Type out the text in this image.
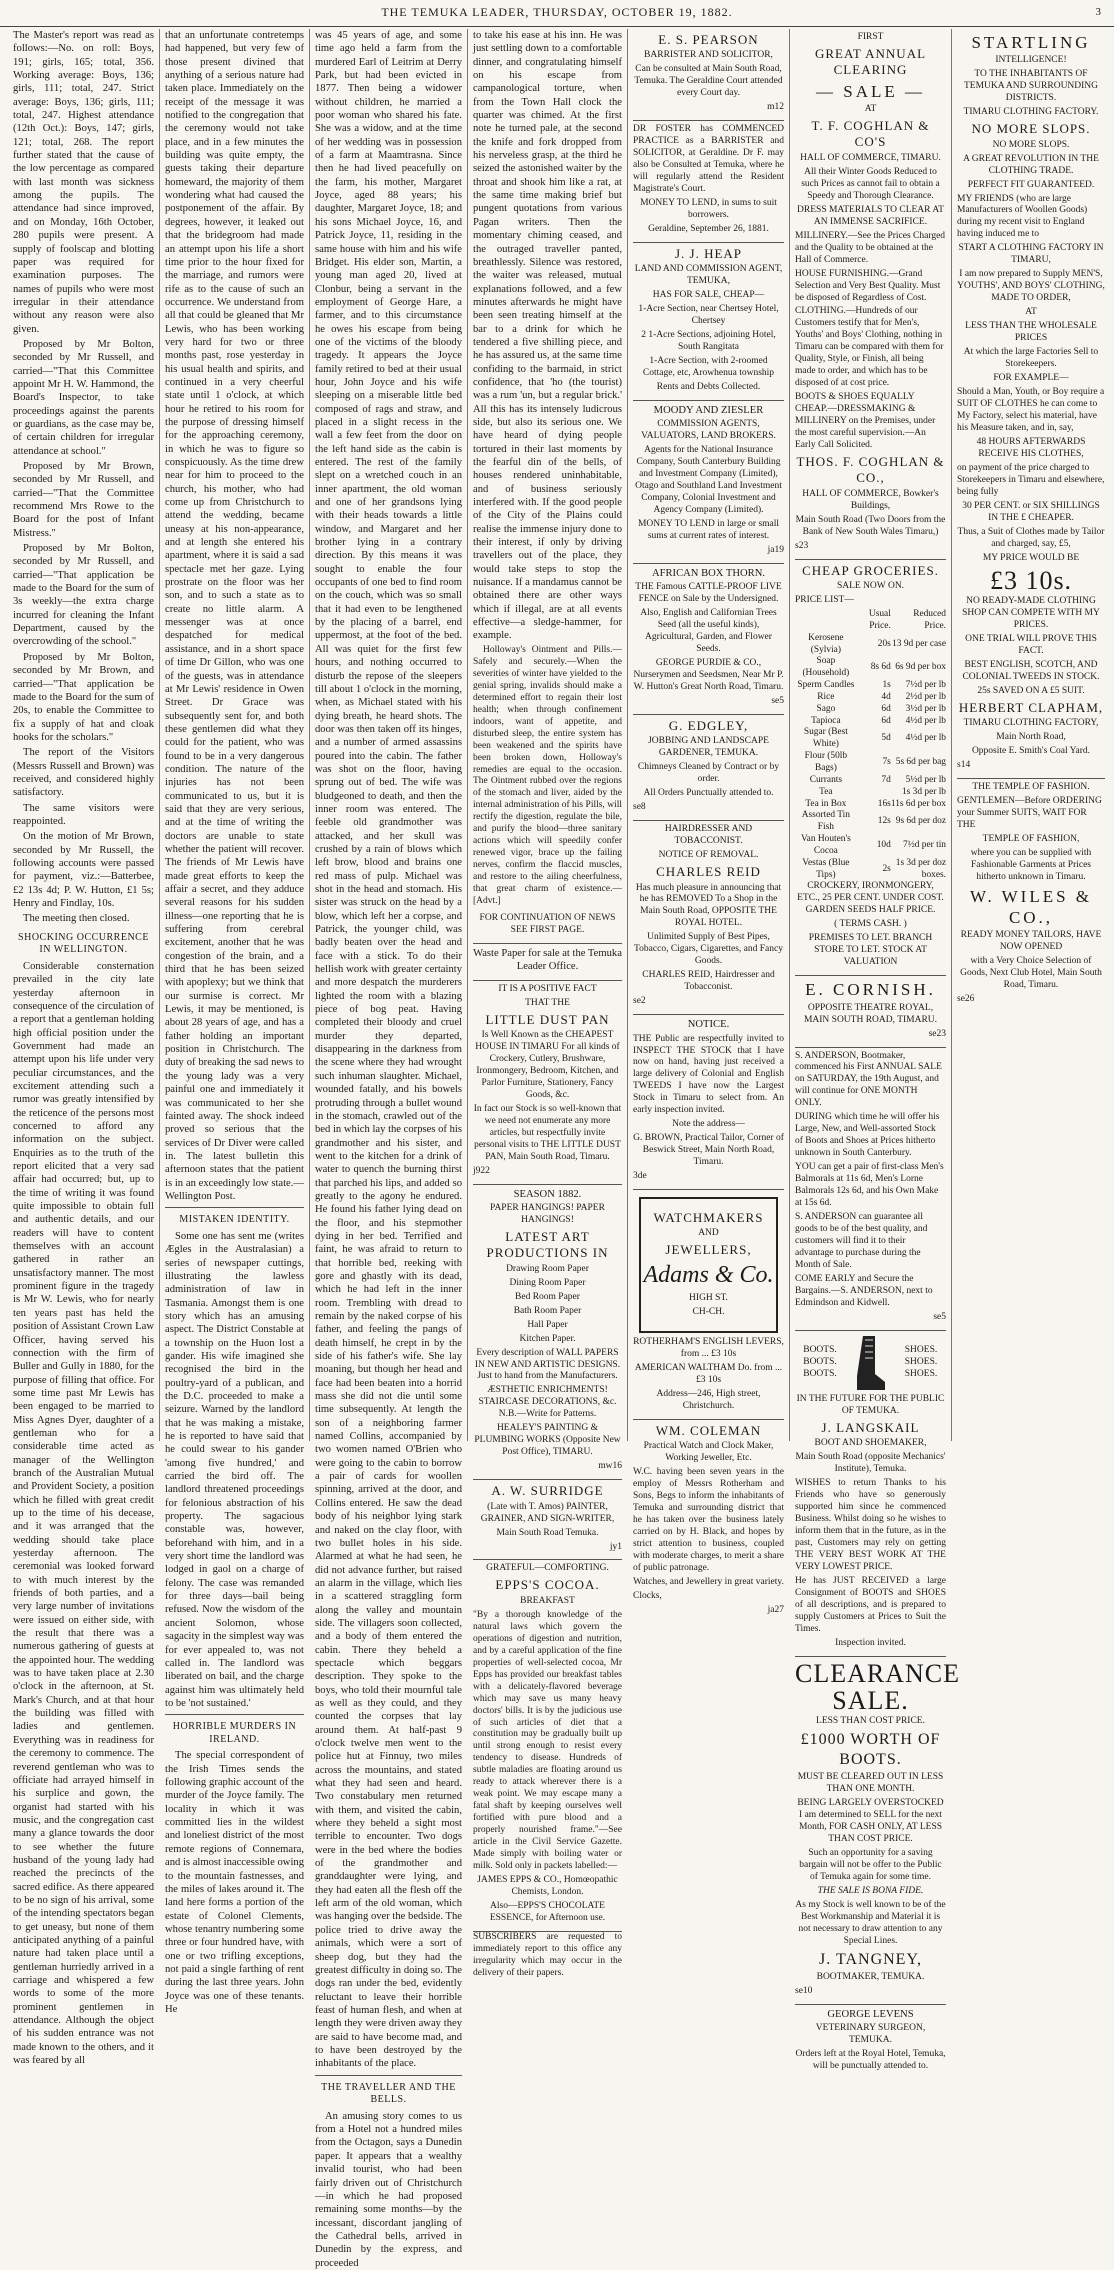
THE TEMUKA LEADER, THURSDAY, OCTOBER 19, 1882.	3

The Master's report was read as follows:—No. on roll: Boys, 191; girls, 165; total, 356. Working average: Boys, 136; girls, 111; total, 247. Strict average: Boys, 136; girls, 111; total, 247. Highest attendance (12th Oct.): Boys, 147; girls, 121; total, 268. The report further stated that the cause of the low percentage as compared with last month was sickness among the pupils. The attendance had since improved, and on Monday, 16th October, 280 pupils were present. A supply of foolscap and blotting paper was required for examination purposes. The names of pupils who were most irregular in their attendance without any reason were also given.

Proposed by Mr Bolton, seconded by Mr Russell, and carried—"That this Committee appoint Mr H. W. Hammond, the Board's Inspector, to take proceedings against the parents or guardians, as the case may be, of certain children for irregular attendance at school."

Proposed by Mr Brown, seconded by Mr Russell, and carried—"That the Committee recommend Mrs Rowe to the Board for the post of Infant Mistress."

Proposed by Mr Bolton, seconded by Mr Russell, and carried—"That application be made to the Board for the sum of 3s weekly—the extra charge incurred for cleaning the Infant Department, caused by the overcrowding of the school."

Proposed by Mr Bolton, seconded by Mr Brown, and carried—"That application be made to the Board for the sum of 20s, to enable the Committee to fix a supply of hat and cloak hooks for the scholars."

The report of the Visitors (Messrs Russell and Brown) was received, and considered highly satisfactory.

The same visitors were reappointed.

On the motion of Mr Brown, seconded by Mr Russell, the following accounts were passed for payment, viz.:—Batterbee, £2 13s 4d; P. W. Hutton, £1 5s; Henry and Findlay, 10s.

The meeting then closed.

SHOCKING OCCURRENCE IN WELLINGTON.

Considerable consternation prevailed in the city late yesterday afternoon in consequence of the circulation of a report that a gentleman holding high official position under the Government had made an attempt upon his life under very peculiar circumstances, and the excitement attending such a rumor was greatly intensified by the reticence of the persons most concerned to afford any information on the subject. Enquiries as to the truth of the report elicited that a very sad affair had occurred; but, up to the time of writing it was found quite impossible to obtain full and authentic details, and our readers will have to content themselves with an account gathered in rather an unsatisfactory manner. The most prominent figure in the tragedy is Mr W. Lewis, who for nearly ten years past has held the position of Assistant Crown Law Officer, having served his connection with the firm of Buller and Gully in 1880, for the purpose of filling that office. For some time past Mr Lewis has been engaged to be married to Miss Agnes Dyer, daughter of a gentleman who for a considerable time acted as manager of the Wellington branch of the Australian Mutual and Provident Society, a position which he filled with great credit up to the time of his decease, and it was arranged that the wedding should take place yesterday afternoon. The ceremonial was looked forward to with much interest by the friends of both parties, and a very large number of invitations were issued on either side, with the result that there was a numerous gathering of guests at the appointed hour. The wedding was to have taken place at 2.30 o'clock in the afternoon, at St. Mark's Church, and at that hour the building was filled with ladies and gentlemen. Everything was in readiness for the ceremony to commence. The reverend gentleman who was to officiate had arrayed himself in his surplice and gown, the organist had started with his music, and the congregation cast many a glance towards the door to see whether the future husband of the young lady had reached the precincts of the sacred edifice. As there appeared to be no sign of his arrival, some of the intending spectators began to get uneasy, but none of them anticipated anything of a painful nature had taken place until a gentleman hurriedly arrived in a carriage and whispered a few words to some of the more prominent gentlemen in attendance. Although the object of his sudden entrance was not made known to the others, and it was feared by all

that an unfortunate contretemps had happened, but very few of those present divined that anything of a serious nature had taken place. Immediately on the receipt of the message it was notified to the congregation that the ceremony would not take place, and in a few minutes the building was quite empty, the guests taking their departure homeward, the majority of them wondering what had caused the postponement of the affair. By degrees, however, it leaked out that the bridegroom had made an attempt upon his life a short time prior to the hour fixed for the marriage, and rumors were rife as to the cause of such an occurrence. We understand from all that could be gleaned that Mr Lewis, who has been working very hard for two or three months past, rose yesterday in his usual health and spirits, and continued in a very cheerful state until 1 o'clock, at which hour he retired to his room for the purpose of dressing himself for the approaching ceremony, in which he was to figure so conspicuously. As the time drew near for him to proceed to the church, his mother, who had come up from Christchurch to attend the wedding, became uneasy at his non-appearance, and at length she entered his apartment, where it is said a sad spectacle met her gaze. Lying prostrate on the floor was her son, and to such a state as to create no little alarm. A messenger was at once despatched for medical assistance, and in a short space of time Dr Gillon, who was one of the guests, was in attendance at Mr Lewis' residence in Owen Street. Dr Grace was subsequently sent for, and both these gentlemen did what they could for the patient, who was found to be in a very dangerous condition. The nature of the injuries has not been communicated to us, but it is said that they are very serious, and at the time of writing the doctors are unable to state whether the patient will recover. The friends of Mr Lewis have made great efforts to keep the affair a secret, and they adduce several reasons for his sudden illness—one reporting that he is suffering from cerebral excitement, another that he was congestion of the brain, and a third that he has been seized with apoplexy; but we think that our surmise is correct. Mr Lewis, it may be mentioned, is about 28 years of age, and has a father holding an important position in Christchurch. The duty of breaking the sad news to the young lady was a very painful one and immediately it was communicated to her she fainted away. The shock indeed proved so serious that the services of Dr Diver were called in. The latest bulletin this afternoon states that the patient is in an exceedingly low state.—Wellington Post.

MISTAKEN IDENTITY.

Some one has sent me (writes Ægles in the Australasian) a series of newspaper cuttings, illustrating the lawless administration of law in Tasmania. Amongst them is one story which has an amusing aspect. The District Constable at a township on the Huon lost a gander. His wife imagined she recognised the bird in the poultry-yard of a publican, and the D.C. proceeded to make a seizure. Warned by the landlord that he was making a mistake, he is reported to have said that he could swear to his gander 'among five hundred,' and carried the bird off. The landlord threatened proceedings for felonious abstraction of his property. The sagacious constable was, however, beforehand with him, and in a very short time the landlord was lodged in gaol on a charge of felony. The case was remanded for three days—bail being refused. Now the wisdom of the ancient Solomon, whose sagacity in the simplest way was for ever appealed to, was not called in. The landlord was liberated on bail, and the charge against him was ultimately held to be 'not sustained.'

HORRIBLE MURDERS IN IRELAND.

The special correspondent of the Irish Times sends the following graphic account of the murder of the Joyce family. The locality in which it was committed lies in the wildest and loneliest district of the most remote regions of Connemara, and is almost inaccessible owing to the mountain fastnesses, and the miles of lakes around it. The land here forms a portion of the estate of Colonel Clements, whose tenantry numbering some three or four hundred have, with one or two trifling exceptions, not paid a single farthing of rent during the last three years. John Joyce was one of these tenants. He

was 45 years of age, and some time ago held a farm from the murdered Earl of Leitrim at Derry Park, but had been evicted in 1877. Then being a widower without children, he married a poor woman who shared his fate. She was a widow, and at the time of her wedding was in possession of a farm at Maamtrasna. Since then he had lived peacefully on the farm, his mother, Margaret Joyce, aged 88 years; his daughter, Margaret Joyce, 18; and his sons Michael Joyce, 16, and Patrick Joyce, 11, residing in the same house with him and his wife Bridget. His elder son, Martin, a young man aged 20, lived at Clonbur, being a servant in the employment of George Hare, a farmer, and to this circumstance he owes his escape from being one of the victims of the bloody tragedy. It appears the Joyce family retired to bed at their usual hour, John Joyce and his wife sleeping on a miserable little bed composed of rags and straw, and placed in a slight recess in the wall a few feet from the door on the left hand side as the cabin is entered. The rest of the family slept on a wretched couch in an inner apartment, the old woman and one of her grandsons lying with their heads towards a little window, and Margaret and her brother lying in a contrary direction. By this means it was sought to enable the four occupants of one bed to find room on the couch, which was so small that it had even to be lengthened by the placing of a barrel, end uppermost, at the foot of the bed. All was quiet for the first few hours, and nothing occurred to disturb the repose of the sleepers till about 1 o'clock in the morning, when, as Michael stated with his dying breath, he heard shots. The door was then taken off its hinges, and a number of armed assassins poured into the cabin. The father was shot on the floor, having sprung out of bed. The wife was bludgeoned to death, and then the inner room was entered. The feeble old grandmother was attacked, and her skull was crushed by a rain of blows which left brow, blood and brains one red mass of pulp. Michael was shot in the head and stomach. His sister was struck on the head by a blow, which left her a corpse, and Patrick, the younger child, was badly beaten over the head and face with a stick. To do their hellish work with greater certainty and more despatch the murderers lighted the room with a blazing piece of bog peat. Having completed their bloody and cruel murder they departed, disappearing in the darkness from the scene where they had wrought such inhuman slaughter. Michael, wounded fatally, and his bowels protruding through a bullet wound in the stomach, crawled out of the bed in which lay the corpses of his grandmother and his sister, and went to the kitchen for a drink of water to quench the burning thirst that parched his lips, and added so greatly to the agony he endured. He found his father lying dead on the floor, and his stepmother dying in her bed. Terrified and faint, he was afraid to return to that horrible bed, reeking with gore and ghastly with its dead, which he had left in the inner room. Trembling with dread to remain by the naked corpse of his father, and feeling the pangs of death himself, he crept in by the side of his father's wife. She lay moaning, but though her head and face had been beaten into a horrid mass she did not die until some time subsequently. At length the son of a neighboring farmer named Collins, accompanied by two women named O'Brien who were going to the cabin to borrow a pair of cards for woollen spinning, arrived at the door, and Collins entered. He saw the dead body of his neighbor lying stark and naked on the clay floor, with two bullet holes in his side. Alarmed at what he had seen, he did not advance further, but raised an alarm in the village, which lies in a scattered straggling form along the valley and mountain side. The villagers soon collected, and a body of them entered the cabin. There they beheld a spectacle which beggars description. They spoke to the boys, who told their mournful tale as well as they could, and they counted the corpses that lay around them. At half-past 9 o'clock twelve men went to the police hut at Finnuy, two miles across the mountains, and stated what they had seen and heard. Two constabulary men returned with them, and visited the cabin, where they beheld a sight most terrible to encounter. Two dogs were in the bed where the bodies of the grandmother and granddaughter were lying, and they had eaten all the flesh off the left arm of the old woman, which was hanging over the bedside. The police tried to drive away the animals, which were a sort of sheep dog, but they had the greatest difficulty in doing so. The dogs ran under the bed, evidently reluctant to leave their horrible feast of human flesh, and when at length they were driven away they are said to have become mad, and to have been destroyed by the inhabitants of the place.

THE TRAVELLER AND THE BELLS.

An amusing story comes to us from a Hotel not a hundred miles from the Octagon, says a Dunedin paper. It appears that a wealthy invalid tourist, who had been fairly driven out of Christchurch—in which he had proposed remaining some months—by the incessant, discordant jangling of the Cathedral bells, arrived in Dunedin by the express, and proceeded

to take his ease at his inn. He was just settling down to a comfortable dinner, and congratulating himself on his escape from campanological torture, when from the Town Hall clock the quarter was chimed. At the first note he turned pale, at the second the knife and fork dropped from his nerveless grasp, at the third he seized the astonished waiter by the throat and shook him like a rat, at the same time making brief but pungent quotations from various Pagan writers. Then the momentary chiming ceased, and the outraged traveller panted, breathlessly. Silence was restored, the waiter was released, mutual explanations followed, and a few minutes afterwards he might have been seen treating himself at the bar to a drink for which he tendered a five shilling piece, and he has assured us, at the same time confiding to the barmaid, in strict confidence, that 'ho (the tourist) was a rum 'un, but a regular brick.' All this has its intensely ludicrous side, but also its serious one. We have heard of dying people tortured in their last moments by the fearful din of the bells, of houses rendered uninhabitable, and of business seriously interfered with. If the good people of the City of the Plains could realise the immense injury done to their interest, if only by driving travellers out of the place, they would take steps to stop the nuisance. If a mandamus cannot be obtained there are other ways which if illegal, are at all events effective—a sledge-hammer, for example.

Holloway's Ointment and Pills.—Safely and securely.—When the severities of winter have yielded to the genial spring, invalids should make a determined effort to regain their lost health; when through confinement indoors, want of appetite, and disturbed sleep, the entire system has been weakened and the spirits have been broken down, Holloway's remedies are equal to the occasion. The Ointment rubbed over the regions of the stomach and liver, aided by the internal administration of his Pills, will rectify the digestion, regulate the bile, and purify the blood—three sanitary actions which will speedily confer renewed vigor, brace up the failing nerves, confirm the flaccid muscles, and restore to the ailing cheerfulness, that great charm of existence.—[Advt.]

FOR CONTINUATION OF NEWS SEE FIRST PAGE.

Waste Paper for sale at the Temuka Leader Office.

IT IS A POSITIVE FACT

THAT THE

LITTLE DUST PAN

Is Well Known as the CHEAPEST HOUSE IN TIMARU For all kinds of Crockery, Cutlery, Brushware, Ironmongery, Bedroom, Kitchen, and Parlor Furniture, Stationery, Fancy Goods, &c.

In fact our Stock is so well-known that we need not enumerate any more articles, but respectfully invite personal visits to THE LITTLE DUST PAN, Main South Road, Timaru.

j922

SEASON 1882.

PAPER HANGINGS! PAPER HANGINGS!

LATEST ART PRODUCTIONS IN

Drawing Room Paper

Dining Room Paper

Bed Room Paper

Bath Room Paper

Hall Paper

Kitchen Paper.

Every description of WALL PAPERS IN NEW AND ARTISTIC DESIGNS. Just to hand from the Manufacturers.

ÆSTHETIC ENRICHMENTS! STAIRCASE DECORATIONS, &c. N.B.—Write for Patterns.

HEALEY'S PAINTING & PLUMBING WORKS (Opposite New Post Office), TIMARU.

mw16

A. W. SURRIDGE

(Late with T. Amos) PAINTER, GRAINER, AND SIGN-WRITER,

Main South Road Temuka.

jy1

GRATEFUL—COMFORTING.

EPPS'S COCOA.

BREAKFAST

"By a thorough knowledge of the natural laws which govern the operations of digestion and nutrition, and by a careful application of the fine properties of well-selected cocoa, Mr Epps has provided our breakfast tables with a delicately-flavored beverage which may save us many heavy doctors' bills. It is by the judicious use of such articles of diet that a constitution may be gradually built up until strong enough to resist every tendency to disease. Hundreds of subtle maladies are floating around us ready to attack wherever there is a weak point. We may escape many a fatal shaft by keeping ourselves well fortified with pure blood and a properly nourished frame."—See article in the Civil Service Gazette. Made simply with boiling water or milk. Sold only in packets labelled:—

JAMES EPPS & CO., Homœopathic Chemists, London.

Also—EPPS'S CHOCOLATE ESSENCE, for Afternoon use.

SUBSCRIBERS are requested to immediately report to this office any irregularity which may occur in the delivery of their papers.

E. S. PEARSON

BARRISTER AND SOLICITOR,

Can be consulted at Main South Road, Temuka. The Geraldine Court attended every Court day.

m12

DR FOSTER has COMMENCED PRACTICE as a BARRISTER and SOLICITOR, at Geraldine. Dr F. may also be Consulted at Temuka, where he will regularly attend the Resident Magistrate's Court.

MONEY TO LEND, in sums to suit borrowers.

Geraldine, September 26, 1881.

J. J. HEAP

LAND AND COMMISSION AGENT, TEMUKA,

HAS FOR SALE, CHEAP—

1-Acre Section, near Chertsey Hotel, Chertsey

2 1-Acre Sections, adjoining Hotel, South Rangitata

1-Acre Section, with 2-roomed Cottage, etc, Arowhenua township

Rents and Debts Collected.

MOODY AND ZIESLER

COMMISSION AGENTS, VALUATORS, LAND BROKERS.

Agents for the National Insurance Company, South Canterbury Building and Investment Company (Limited), Otago and Southland Land Investment Company, Colonial Investment and Agency Company (Limited).

MONEY TO LEND in large or small sums at current rates of interest.

ja19

AFRICAN BOX THORN.

THE Famous CATTLE-PROOF LIVE FENCE on Sale by the Undersigned.

Also, English and Californian Trees Seed (all the useful kinds), Agricultural, Garden, and Flower Seeds.

GEORGE PURDIE & CO., Nurserymen and Seedsmen, Near Mr P. W. Hutton's Great North Road, Timaru.

se5

G. EDGLEY,

JOBBING AND LANDSCAPE GARDENER, TEMUKA.

Chimneys Cleaned by Contract or by order.

All Orders Punctually attended to.

se8

HAIRDRESSER AND TOBACCONIST.

NOTICE OF REMOVAL.

CHARLES REID

Has much pleasure in announcing that he has REMOVED To a Shop in the Main South Road, OPPOSITE THE ROYAL HOTEL.

Unlimited Supply of Best Pipes, Tobacco, Cigars, Cigarettes, and Fancy Goods.

CHARLES REID, Hairdresser and Tobacconist.

se2

NOTICE.

THE Public are respectfully invited to INSPECT THE STOCK that I have now on hand, having just received a large delivery of Colonial and English TWEEDS I have now the Largest Stock in Timaru to select from. An early inspection invited.

Note the address—

G. BROWN, Practical Tailor, Corner of Beswick Street, Main North Road, Timaru.

3de

WATCHMAKERS

AND

JEWELLERS,

Adams & Co.

HIGH ST.

CH-CH.

ROTHERHAM'S ENGLISH LEVERS, from ... £3 10s

AMERICAN WALTHAM Do. from ... £3 10s

Address—246, High street, Christchurch.

WM. COLEMAN

Practical Watch and Clock Maker, Working Jeweller, Etc.

W.C. having been seven years in the employ of Messrs Rotherham and Sons, Begs to inform the inhabitants of Temuka and surrounding district that he has taken over the business lately carried on by H. Black, and hopes by strict attention to business, coupled with moderate charges, to merit a share of public patronage.

Watches, and Jewellery in great variety.

Clocks,

ja27

FIRST

GREAT ANNUAL CLEARING

— SALE —

AT

T. F. COGHLAN & CO'S

HALL OF COMMERCE, TIMARU.

All their Winter Goods Reduced to such Prices as cannot fail to obtain a Speedy and Thorough Clearance.

DRESS MATERIALS TO CLEAR AT AN IMMENSE SACRIFICE.

MILLINERY.—See the Prices Charged and the Quality to be obtained at the Hall of Commerce.

HOUSE FURNISHING.—Grand Selection and Very Best Quality. Must be disposed of Regardless of Cost.

CLOTHING.—Hundreds of our Customers testify that for Men's, Youths' and Boys' Clothing, nothing in Timaru can be compared with them for Quality, Style, or Finish, all being made to order, and which has to be disposed of at cost price.

BOOTS & SHOES EQUALLY CHEAP.—DRESSMAKING & MILLINERY on the Premises, under the most careful supervision.—An Early Call Solicited.

THOS. F. COGHLAN & CO.,

HALL OF COMMERCE, Bowker's Buildings,

Main South Road (Two Doors from the Bank of New South Wales Timaru,)

s23

CHEAP GROCERIES.

SALE NOW ON.

PRICE LIST—

	Usual Price.	Reduced Price.
Kerosene (Sylvia)	20s	13 9d per case
Soap (Household)	8s 6d	6s 9d per box
Sperm Candles	1s	7½d per lb
Rice	4d	2½d per lb
Sago	6d	3½d per lb
Tapioca	6d	4½d per lb
Sugar (Best White)	5d	4½d per lb
Flour (50lb Bags)	7s	5s 6d per bag
Currants	7d	5½d per lb
Tea		1s 3d per lb
Tea in Box	16s	11s 6d per box
Assorted Tin Fish	12s	9s 6d per doz
Van Houten's Cocoa	10d	7½d per tin
Vestas (Blue Tips)	2s	1s 3d per doz boxes.

CROCKERY, IRONMONGERY, ETC., 25 PER CENT. UNDER COST. GARDEN SEEDS HALF PRICE.

( TERMS CASH. )

PREMISES TO LET. BRANCH STORE TO LET. STOCK AT VALUATION

E. CORNISH.

OPPOSITE THEATRE ROYAL, MAIN SOUTH ROAD, TIMARU.

se23

S. ANDERSON, Bootmaker, commenced his First ANNUAL SALE on SATURDAY, the 19th August, and will continue for ONE MONTH ONLY.

DURING which time he will offer his Large, New, and Well-assorted Stock of Boots and Shoes at Prices hitherto unknown in South Canterbury.

YOU can get a pair of first-class Men's Balmorals at 11s 6d, Men's Lorne Balmorals 12s 6d, and his Own Make at 15s 6d.

S. ANDERSON can guarantee all goods to be of the best quality, and customers will find it to their advantage to purchase during the Month of Sale.

COME EARLY and Secure the Bargains.—S. ANDERSON, next to Edmindson and Kidwell.

se5

BOOTS. BOOTS. BOOTS.

SHOES. SHOES. SHOES.

IN THE FUTURE FOR THE PUBLIC OF TEMUKA.

J. LANGSKAIL

BOOT AND SHOEMAKER,

Main South Road (opposite Mechanics' Institute), Temuka.

WISHES to return Thanks to his Friends who have so generously supported him since he commenced Business. Whilst doing so he wishes to inform them that in the future, as in the past, Customers may rely on getting THE VERY BEST WORK AT THE VERY LOWEST PRICE.

He has JUST RECEIVED a large Consignment of BOOTS and SHOES of all descriptions, and is prepared to supply Customers at Prices to Suit the Times.

Inspection invited.

CLEARANCE SALE.

LESS THAN COST PRICE.

£1000 WORTH OF BOOTS.

MUST BE CLEARED OUT IN LESS THAN ONE MONTH.

BEING LARGELY OVERSTOCKED I am determined to SELL for the next Month, FOR CASH ONLY, AT LESS THAN COST PRICE.

Such an opportunity for a saving bargain will not be offer to the Public of Temuka again for some time.

THE SALE IS BONA FIDE.

As my Stock is well known to be of the Best Workmanship and Material it is not necessary to draw attention to any Special Lines.

J. TANGNEY,

BOOTMAKER, TEMUKA.

se10

GEORGE LEVENS

VETERINARY SURGEON, TEMUKA.

Orders left at the Royal Hotel, Temuka, will be punctually attended to.

STARTLING

INTELLIGENCE!

TO THE INHABITANTS OF TEMUKA AND SURROUNDING DISTRICTS.

TIMARU CLOTHING FACTORY.

NO MORE SLOPS.

NO MORE SLOPS.

A GREAT REVOLUTION IN THE CLOTHING TRADE.

PERFECT FIT GUARANTEED.

MY FRIENDS (who are large Manufacturers of Woollen Goods) during my recent visit to England having induced me to

START A CLOTHING FACTORY IN TIMARU,

I am now prepared to Supply MEN'S, YOUTHS', AND BOYS' CLOTHING, MADE TO ORDER,

AT

LESS THAN THE WHOLESALE PRICES

At which the large Factories Sell to Storekeepers.

FOR EXAMPLE—

Should a Man, Youth, or Boy require a SUIT OF CLOTHES he can come to My Factory, select his material, have his Measure taken, and in, say,

48 HOURS AFTERWARDS RECEIVE HIS CLOTHES,

on payment of the price charged to Storekeepers in Timaru and elsewhere, being fully

30 PER CENT. or SIX SHILLINGS IN THE £ CHEAPER.

Thus, a Suit of Clothes made by Tailor and charged, say, £5,

MY PRICE WOULD BE

£3 10s.

NO READY-MADE CLOTHING SHOP CAN COMPETE WITH MY PRICES.

ONE TRIAL WILL PROVE THIS FACT.

BEST ENGLISH, SCOTCH, AND COLONIAL TWEEDS IN STOCK.

25s SAVED ON A £5 SUIT.

HERBERT CLAPHAM,

TIMARU CLOTHING FACTORY,

Main North Road,

Opposite E. Smith's Coal Yard.

s14

THE TEMPLE OF FASHION.

GENTLEMEN—Before ORDERING your Summer SUITS, WAIT FOR THE

TEMPLE OF FASHION,

where you can be supplied with Fashionable Garments at Prices hitherto unknown in Timaru.

W. WILES & CO.,

READY MONEY TAILORS, HAVE NOW OPENED

with a Very Choice Selection of Goods, Next Club Hotel, Main South Road, Timaru.

se26
